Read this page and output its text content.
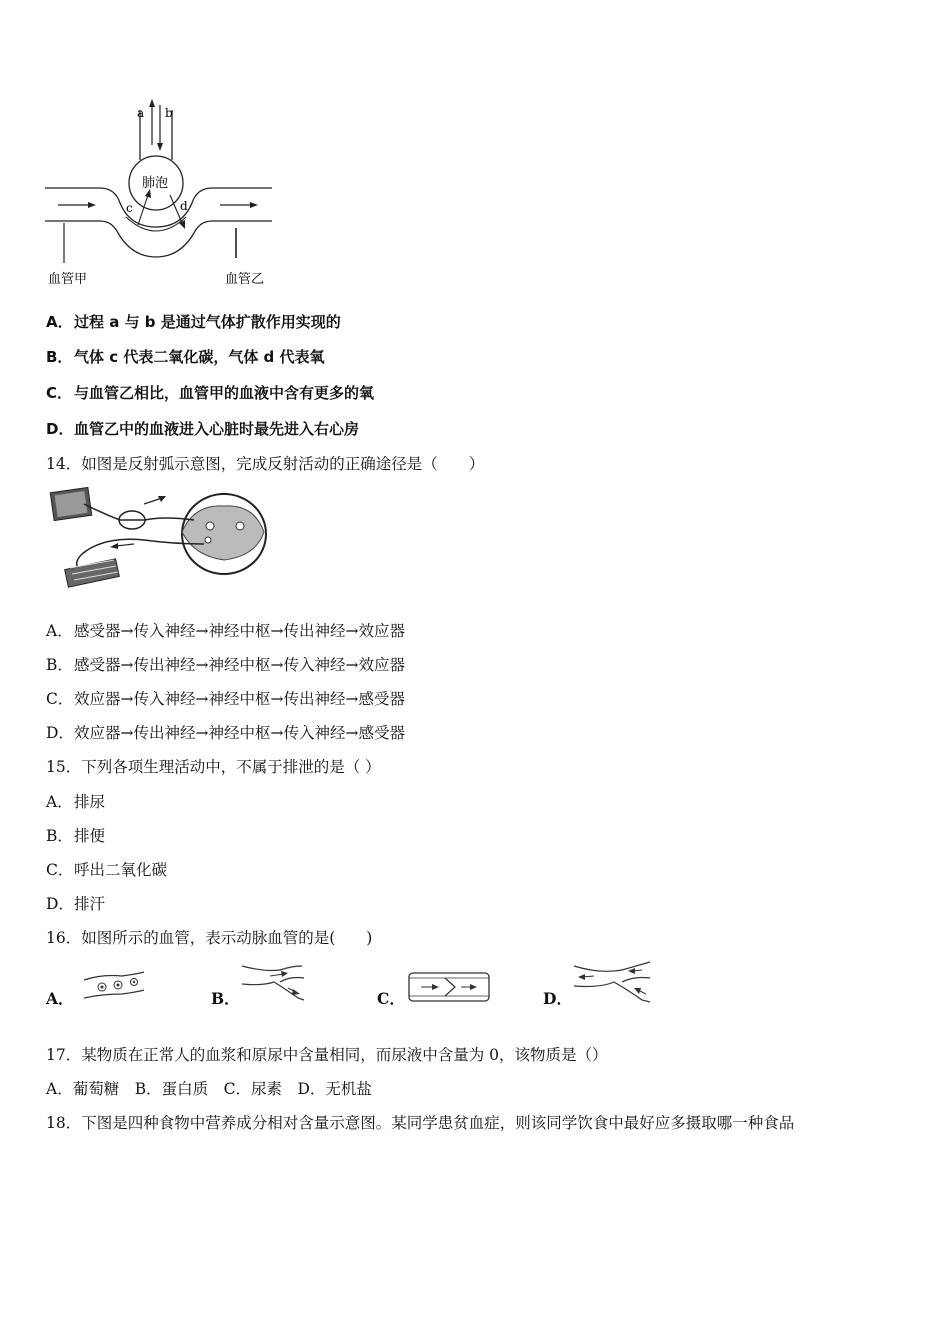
a b
肺泡
c	d
血管甲	血管乙
A．过程 a 与 b 是通过气体扩散作用实现的
B． 气体 c 代表二氧化碳，气体 d 代表氧
C． 与血管乙相比，血管甲的血液中含有更多的氧
D．血管乙中的血液进入心脏时最先进入右心房
14．如图是反射弧示意图，完成反射活动的正确途径是（　　）
A．感受器→传入神经→神经中枢→传出神经→效应器
B．感受器→传出神经→神经中枢→传入神经→效应器
C．效应器→传入神经→神经中枢→传出神经→感受器
D．效应器→传出神经→神经中枢→传入神经→感受器
15．下列各项生理活动中，不属于排泄的是（ ）
A．排尿
B．排便
C．呼出二氧化碳
D．排汗
16．如图所示的血管，表示动脉血管的是(　　)
A．	B．	C．	D．
17．某物质在正常人的血浆和原尿中含量相同，而尿液中含量为 0，该物质是（）
A．葡萄糖　B．蛋白质　C．尿素　D．无机盐
18．下图是四种食物中营养成分相对含量示意图。某同学患贫血症，则该同学饮食中最好应多摄取哪一种食品
